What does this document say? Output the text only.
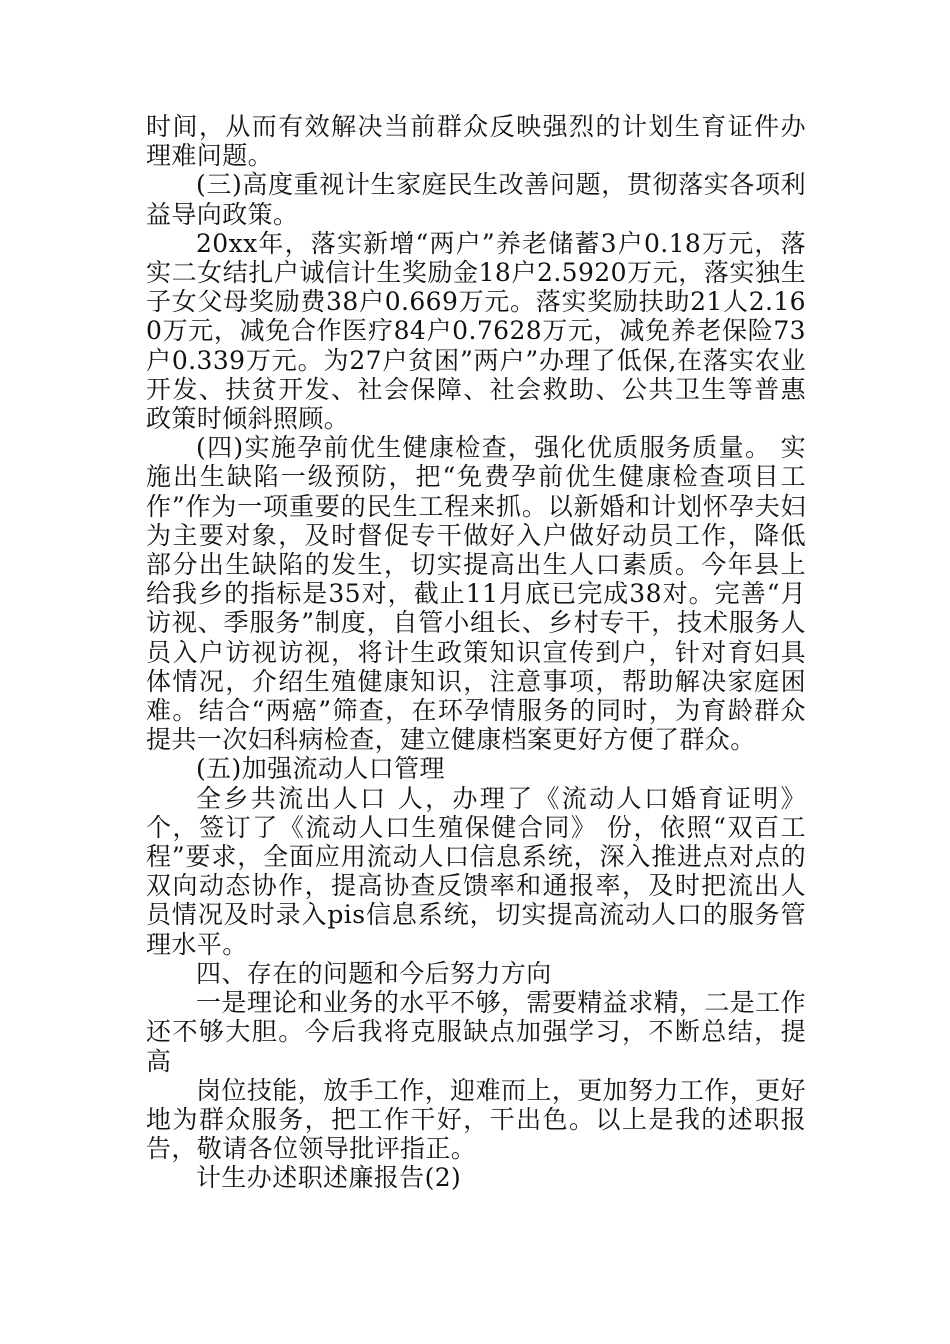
时间，从而有效解决当前群众反映强烈的计划生育证件办理难问题。

(三)高度重视计生家庭民生改善问题，贯彻落实各项利益导向政策。

20xx年，落实新增“两户”养老储蓄3户0.18万元，落实二女结扎户诚信计生奖励金18户2.5920万元，落实独生子女父母奖励费38户0.669万元。落实奖励扶助21人2.160万元，减免合作医疗84户0.7628万元，减免养老保险73户0.339万元。为27户贫困”两户”办理了低保,在落实农业开发、扶贫开发、社会保障、社会救助、公共卫生等普惠政策时倾斜照顾。

(四)实施孕前优生健康检查，强化优质服务质量。 实施出生缺陷一级预防，把“免费孕前优生健康检查项目工作”作为一项重要的民生工程来抓。以新婚和计划怀孕夫妇为主要对象，及时督促专干做好入户做好动员工作，降低部分出生缺陷的发生，切实提高出生人口素质。今年县上给我乡的指标是35对，截止11月底已完成38对。完善“月访视、季服务”制度，自管小组长、乡村专干，技术服务人员入户访视访视，将计生政策知识宣传到户，针对育妇具体情况，介绍生殖健康知识，注意事项，帮助解决家庭困难。结合“两癌”筛查，在环孕情服务的同时，为育龄群众提共一次妇科病检查，建立健康档案更好方便了群众。

(五)加强流动人口管理

全乡共流出人口 人，办理了《流动人口婚育证明》 个，签订了《流动人口生殖保健合同》 份，依照“双百工程”要求，全面应用流动人口信息系统，深入推进点对点的双向动态协作，提高协查反馈率和通报率，及时把流出人员情况及时录入pis信息系统，切实提高流动人口的服务管理水平。

四、存在的问题和今后努力方向

一是理论和业务的水平不够，需要精益求精，二是工作还不够大胆。今后我将克服缺点加强学习，不断总结，提高

岗位技能，放手工作，迎难而上，更加努力工作，更好地为群众服务，把工作干好，干出色。以上是我的述职报告，敬请各位领导批评指正。

计生办述职述廉报告(2)
